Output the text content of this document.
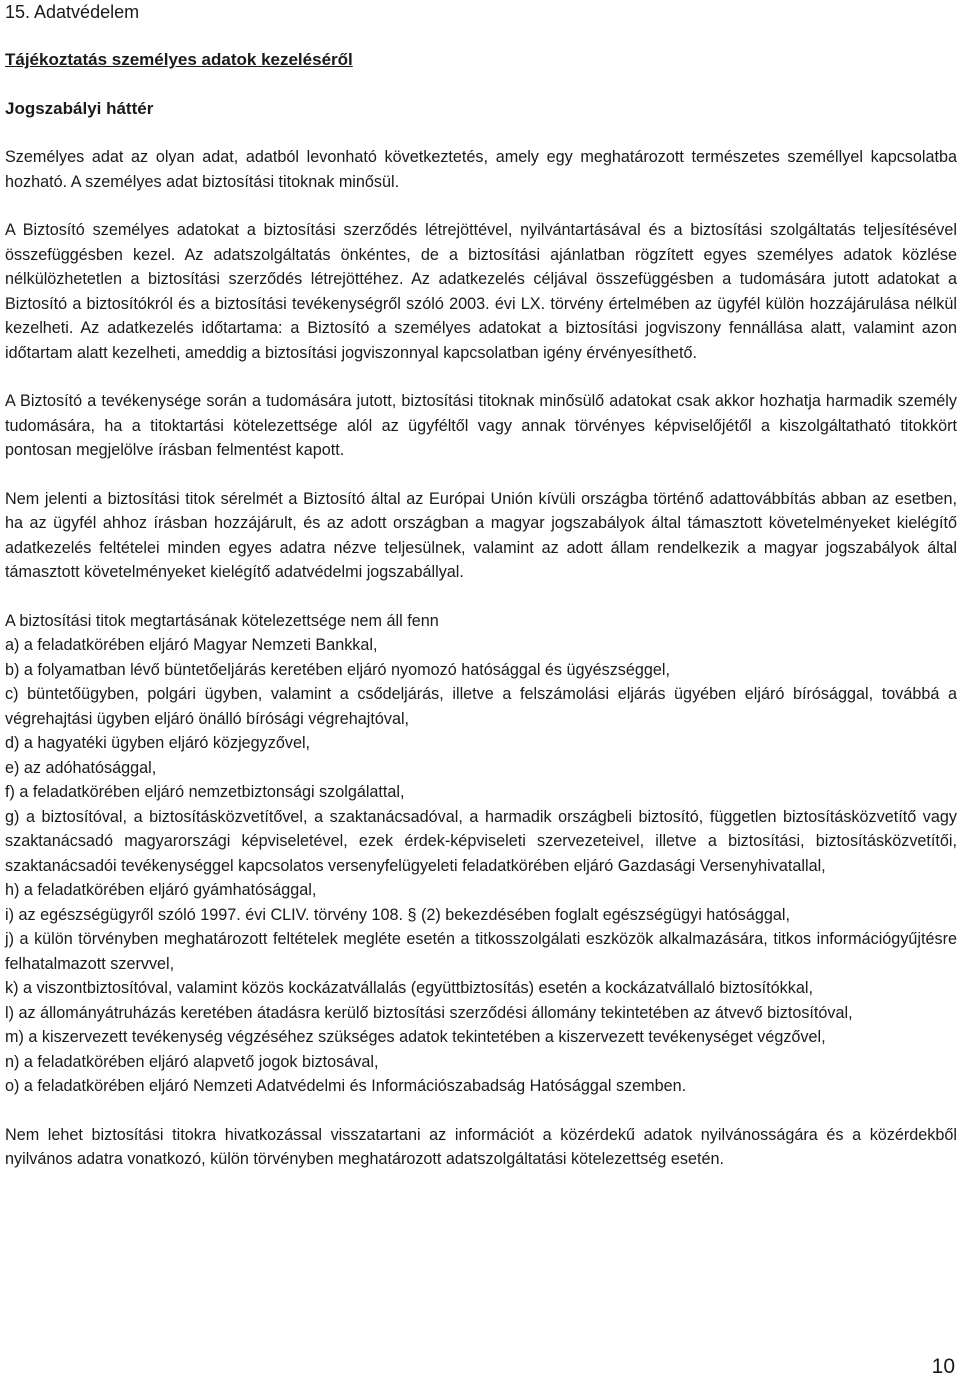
15. Adatvédelem
Tájékoztatás személyes adatok kezeléséről
Jogszabályi háttér

Személyes adat az olyan adat, adatból levonható következtetés, amely egy meghatározott természetes személlyel kapcsolatba hozható. A személyes adat biztosítási titoknak minősül.

A Biztosító személyes adatokat a biztosítási szerződés létrejöttével, nyilvántartásával és a biztosítási szolgáltatás teljesítésével összefüggésben kezel. Az adatszolgáltatás önkéntes, de a biztosítási ajánlatban rögzített egyes személyes adatok közlése nélkülözhetetlen a biztosítási szerződés létrejöttéhez. Az adatkezelés céljával összefüggésben a tudomására jutott adatokat a Biztosító a biztosítókról és a biztosítási tevékenységről szóló 2003. évi LX. törvény értelmében az ügyfél külön hozzájárulása nélkül kezelheti. Az adatkezelés időtartama: a Biztosító a személyes adatokat a biztosítási jogviszony fennállása alatt, valamint azon időtartam alatt kezelheti, ameddig a biztosítási jogviszonnyal kapcsolatban igény érvényesíthető.

A Biztosító a tevékenysége során a tudomására jutott, biztosítási titoknak minősülő adatokat csak akkor hozhatja harmadik személy tudomására, ha a titoktartási kötelezettsége alól az ügyféltől vagy annak törvényes képviselőjétől a kiszolgáltatható titokkört pontosan megjelölve írásban felmentést kapott.

Nem jelenti a biztosítási titok sérelmét a Biztosító által az Európai Unión kívüli országba történő adattovábbítás abban az esetben, ha az ügyfél ahhoz írásban hozzájárult, és az adott országban a magyar jogszabályok által támasztott követelményeket kielégítő adatkezelés feltételei minden egyes adatra nézve teljesülnek, valamint az adott állam rendelkezik a magyar jogszabályok által támasztott követelményeket kielégítő adatvédelmi jogszabállyal.

A biztosítási titok megtartásának kötelezettsége nem áll fenn

a) a feladatkörében eljáró Magyar Nemzeti Bankkal,

b) a folyamatban lévő büntetőeljárás keretében eljáró nyomozó hatósággal és ügyészséggel,

c) büntetőügyben, polgári ügyben, valamint a csődeljárás, illetve a felszámolási eljárás ügyében eljáró bírósággal, továbbá a végrehajtási ügyben eljáró önálló bírósági végrehajtóval,

d) a hagyatéki ügyben eljáró közjegyzővel,

e) az adóhatósággal,

f) a feladatkörében eljáró nemzetbiztonsági szolgálattal,

g) a biztosítóval, a biztosításközvetítővel, a szaktanácsadóval, a harmadik országbeli biztosító, független biztosításközvetítő vagy szaktanácsadó magyarországi képviseletével, ezek érdek-képviseleti szervezeteivel, illetve a biztosítási, biztosításközvetítői, szaktanácsadói tevékenységgel kapcsolatos versenyfelügyeleti feladatkörében eljáró Gazdasági Versenyhivatallal,

h) a feladatkörében eljáró gyámhatósággal,

i) az egészségügyről szóló 1997. évi CLIV. törvény 108. § (2) bekezdésében foglalt egészségügyi hatósággal,

j) a külön törvényben meghatározott feltételek megléte esetén a titkosszolgálati eszközök alkalmazására, titkos információgyűjtésre felhatalmazott szervvel,

k) a viszontbiztosítóval, valamint közös kockázatvállalás (együttbiztosítás) esetén a kockázatvállaló biztosítókkal,

l) az állományátruházás keretében átadásra kerülő biztosítási szerződési állomány tekintetében az átvevő biztosítóval,

m) a kiszervezett tevékenység végzéséhez szükséges adatok tekintetében a kiszervezett tevékenységet végzővel,

n) a feladatkörében eljáró alapvető jogok biztosával,

o) a feladatkörében eljáró Nemzeti Adatvédelmi és Információszabadság Hatósággal szemben.

Nem lehet biztosítási titokra hivatkozással visszatartani az információt a közérdekű adatok nyilvánosságára és a közérdekből nyilvános adatra vonatkozó, külön törvényben meghatározott adatszolgáltatási kötelezettség esetén.

10
